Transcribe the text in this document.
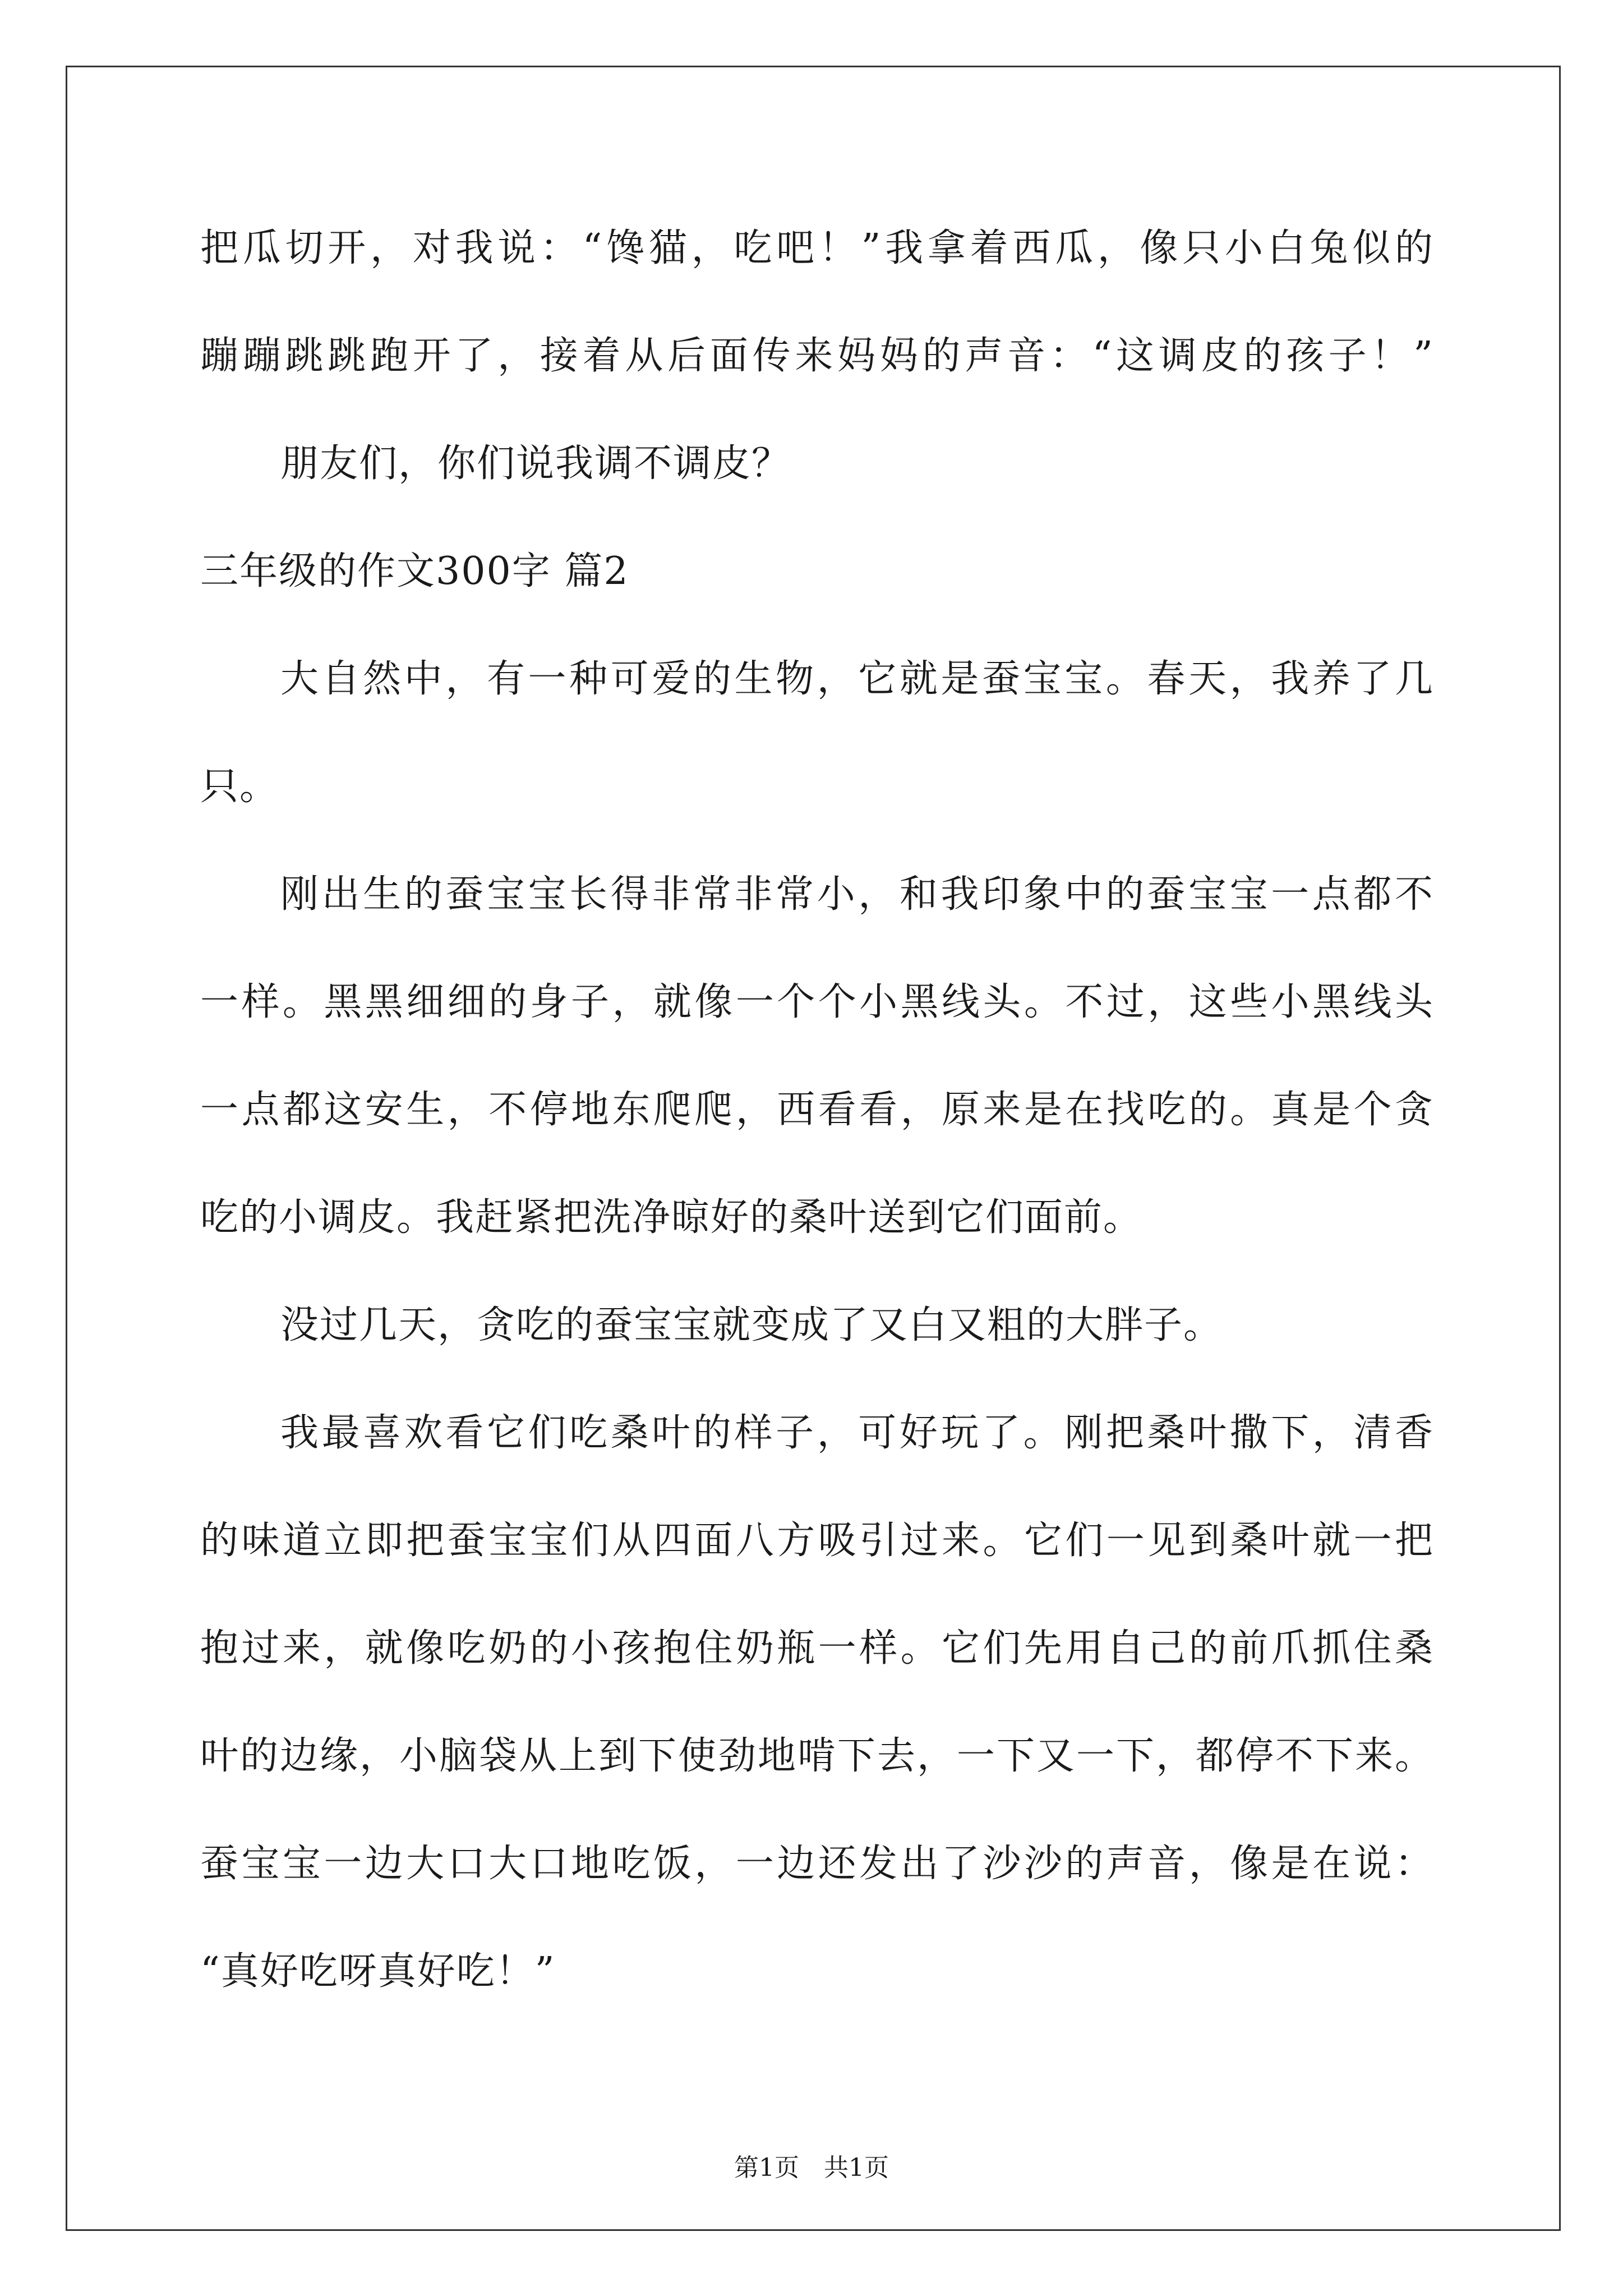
把瓜切开，对我说：“馋猫，吃吧！”我拿着西瓜，像只小白兔似的
蹦蹦跳跳跑开了，接着从后面传来妈妈的声音：“这调皮的孩子！”
朋友们，你们说我调不调皮？
三年级的作文300字 篇2
大自然中，有一种可爱的生物，它就是蚕宝宝。春天，我养了几
只。
刚出生的蚕宝宝长得非常非常小，和我印象中的蚕宝宝一点都不
一样。黑黑细细的身子，就像一个个小黑线头。不过，这些小黑线头
一点都这安生，不停地东爬爬，西看看，原来是在找吃的。真是个贪
吃的小调皮。我赶紧把洗净晾好的桑叶送到它们面前。
没过几天，贪吃的蚕宝宝就变成了又白又粗的大胖子。
我最喜欢看它们吃桑叶的样子，可好玩了。刚把桑叶撒下，清香
的味道立即把蚕宝宝们从四面八方吸引过来。它们一见到桑叶就一把
抱过来，就像吃奶的小孩抱住奶瓶一样。它们先用自己的前爪抓住桑
叶的边缘，小脑袋从上到下使劲地啃下去，一下又一下，都停不下来。
蚕宝宝一边大口大口地吃饭，一边还发出了沙沙的声音，像是在说：
“真好吃呀真好吃！”
第1页　共1页
